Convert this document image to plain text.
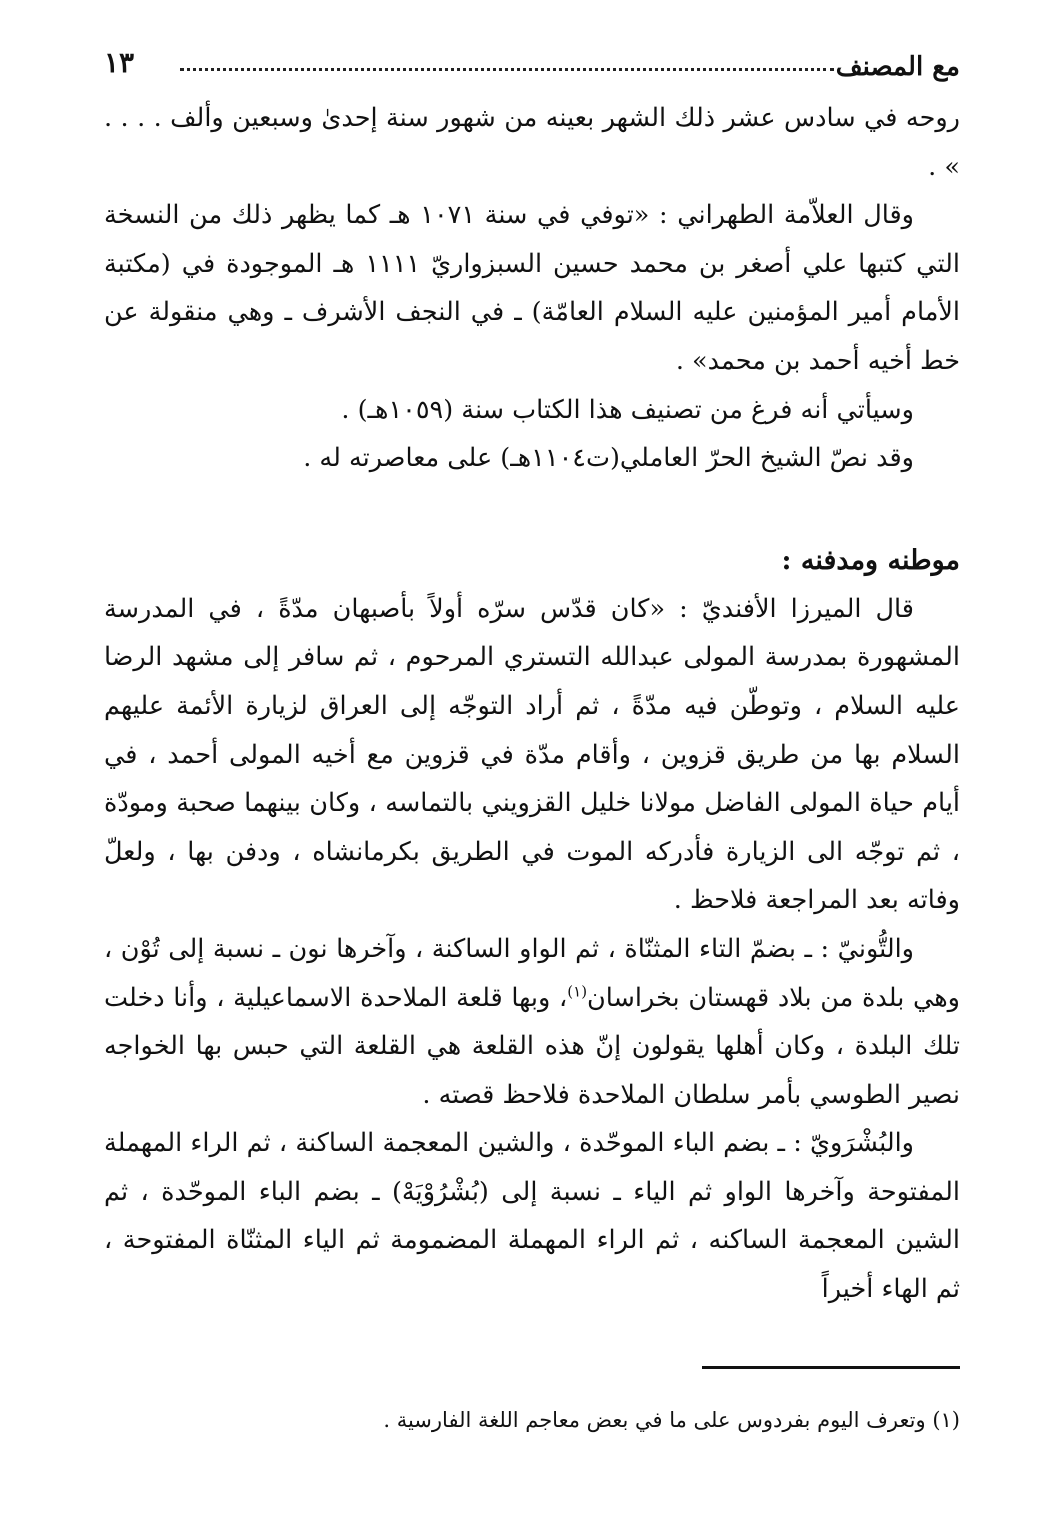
مع المصنف
١٣

روحه في سادس عشر ذلك الشهر بعينه من شهور سنة إحدىٰ وسبعين وألف . . . . » .

وقال العلاّمة الطهراني : «توفي في سنة ١٠٧١ هـ كما يظهر ذلك من النسخة التي كتبها علي أصغر بن محمد حسين السبزواريّ ١١١١ هـ الموجودة في (مكتبة الأمام أمير المؤمنين عليه السلام العامّة) ـ في النجف الأشرف ـ وهي منقولة عن خط أخيه أحمد بن محمد» .

وسيأتي أنه فرغ من تصنيف هذا الكتاب سنة (١٠٥٩هـ) .

وقد نصّ الشيخ الحرّ العاملي(ت١١٠٤هـ) على معاصرته له .

موطنه ومدفنه :

قال الميرزا الأفنديّ : «كان قدّس سرّه أولاً بأصبهان مدّةً ، في المدرسة المشهورة بمدرسة المولى عبدالله التستري المرحوم ، ثم سافر إلى مشهد الرضا عليه السلام ، وتوطّن فيه مدّةً ، ثم أراد التوجّه إلى العراق لزيارة الأئمة عليهم السلام بها من طريق قزوين ، وأقام مدّة في قزوين مع أخيه المولى أحمد ، في أيام حياة المولى الفاضل مولانا خليل القزويني بالتماسه ، وكان بينهما صحبة ومودّة ، ثم توجّه الى الزيارة فأدركه الموت في الطريق بكرمانشاه ، ودفن بها ، ولعلّ وفاته بعد المراجعة فلاحظ .

والتُّونيّ : ـ بضمّ التاء المثنّاة ، ثم الواو الساكنة ، وآخرها نون ـ نسبة إلى تُوْن ، وهي بلدة من بلاد قهستان بخراسان$^{(١)}$، وبها قلعة الملاحدة الاسماعيلية ، وأنا دخلت تلك البلدة ، وكان أهلها يقولون إنّ هذه القلعة هي القلعة التي حبس بها الخواجه نصير الطوسي بأمر سلطان الملاحدة فلاحظ قصته .

والبُشْرَويّ : ـ بضم الباء الموحّدة ، والشين المعجمة الساكنة ، ثم الراء المهملة المفتوحة وآخرها الواو ثم الياء ـ نسبة إلى (بُشْرُوْيَهْ) ـ بضم الباء الموحّدة ، ثم الشين المعجمة الساكنه ، ثم الراء المهملة المضمومة ثم الياء المثنّاة المفتوحة ، ثم الهاء أخيراً

(١) وتعرف اليوم بفردوس على ما في بعض معاجم اللغة الفارسية .
